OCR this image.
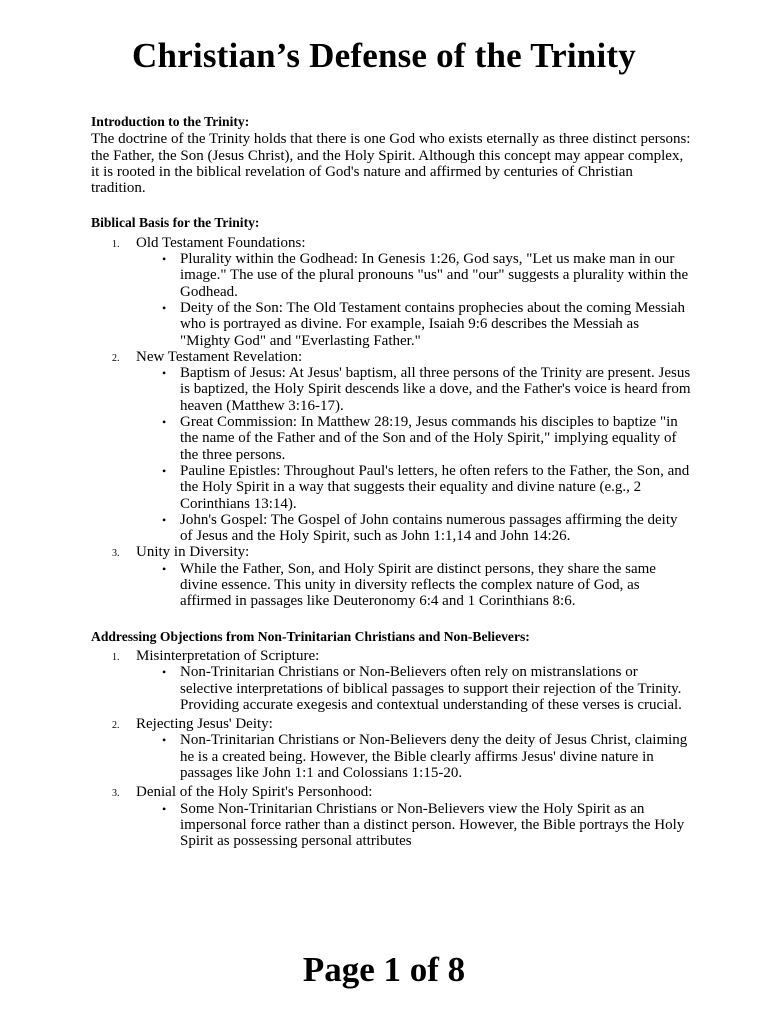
Christian’s Defense of the Trinity

Introduction to the Trinity:

The doctrine of the Trinity holds that there is one God who exists eternally as three distinct persons: the Father, the Son (Jesus Christ), and the Holy Spirit. Although this concept may appear complex, it is rooted in the biblical revelation of God's nature and affirmed by centuries of Christian tradition.

Biblical Basis for the Trinity:

1. Old Testament Foundations:
• Plurality within the Godhead: In Genesis 1:26, God says, "Let us make man in our image." The use of the plural pronouns "us" and "our" suggests a plurality within the Godhead.
• Deity of the Son: The Old Testament contains prophecies about the coming Messiah who is portrayed as divine. For example, Isaiah 9:6 describes the Messiah as "Mighty God" and "Everlasting Father."
2. New Testament Revelation:
• Baptism of Jesus: At Jesus' baptism, all three persons of the Trinity are present. Jesus is baptized, the Holy Spirit descends like a dove, and the Father's voice is heard from heaven (Matthew 3:16-17).
• Great Commission: In Matthew 28:19, Jesus commands his disciples to baptize "in the name of the Father and of the Son and of the Holy Spirit," implying equality of the three persons.
• Pauline Epistles: Throughout Paul's letters, he often refers to the Father, the Son, and the Holy Spirit in a way that suggests their equality and divine nature (e.g., 2 Corinthians 13:14).
• John's Gospel: The Gospel of John contains numerous passages affirming the deity of Jesus and the Holy Spirit, such as John 1:1,14 and John 14:26.
3. Unity in Diversity:
• While the Father, Son, and Holy Spirit are distinct persons, they share the same divine essence. This unity in diversity reflects the complex nature of God, as affirmed in passages like Deuteronomy 6:4 and 1 Corinthians 8:6.

Addressing Objections from Non-Trinitarian Christians and Non-Believers:

1. Misinterpretation of Scripture:
• Non-Trinitarian Christians or Non-Believers often rely on mistranslations or selective interpretations of biblical passages to support their rejection of the Trinity. Providing accurate exegesis and contextual understanding of these verses is crucial.
2. Rejecting Jesus' Deity:
• Non-Trinitarian Christians or Non-Believers deny the deity of Jesus Christ, claiming he is a created being. However, the Bible clearly affirms Jesus' divine nature in passages like John 1:1 and Colossians 1:15-20.
3. Denial of the Holy Spirit's Personhood:
• Some Non-Trinitarian Christians or Non-Believers view the Holy Spirit as an impersonal force rather than a distinct person. However, the Bible portrays the Holy Spirit as possessing personal attributes

Page 1 of 8
